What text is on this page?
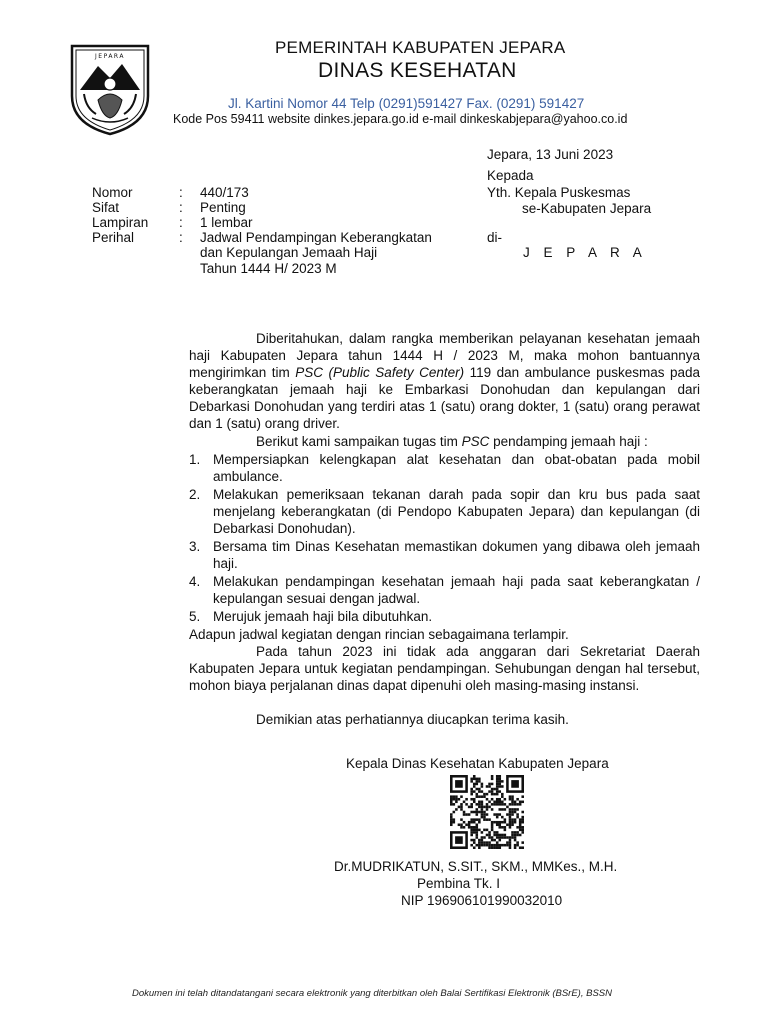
JEPARA	PEMERINTAH KABUPATEN JEPARA
DINAS KESEHATAN
Jl. Kartini Nomor 44 Telp (0291)591427 Fax. (0291) 591427
Kode Pos 59411 website dinkes.jepara.go.id e-mail dinkeskabjepara@yahoo.co.id
Jepara, 13 Juni 2023
Kepada
Yth. Kepala Puskesmas
se-Kabupaten Jepara
di-
J E P A R A
Nomor	: 440/173
Sifat	: Penting
Lampiran : 1 lembar
Perihal	: Jadwal Pendampingan Keberangkatan
dan Kepulangan Jemaah Haji
Tahun 1444 H/ 2023 M
Diberitahukan, dalam rangka memberikan pelayanan kesehatan jemaah haji Kabupaten Jepara tahun 1444 H / 2023 M, maka mohon bantuannya mengirimkan tim PSC (Public Safety Center) 119 dan ambulance puskesmas pada keberangkatan jemaah haji ke Embarkasi Donohudan dan kepulangan dari Debarkasi Donohudan yang terdiri atas 1 (satu) orang dokter, 1 (satu) orang perawat dan 1 (satu) orang driver.
Berikut kami sampaikan tugas tim PSC pendamping jemaah haji :
1. Mempersiapkan kelengkapan alat kesehatan dan obat-obatan pada mobil ambulance.
2. Melakukan pemeriksaan tekanan darah pada sopir dan kru bus pada saat menjelang keberangkatan (di Pendopo Kabupaten Jepara) dan kepulangan (di Debarkasi Donohudan).
3. Bersama tim Dinas Kesehatan memastikan dokumen yang dibawa oleh jemaah haji.
4. Melakukan pendampingan kesehatan jemaah haji pada saat keberangkatan / kepulangan sesuai dengan jadwal.
5. Merujuk jemaah haji bila dibutuhkan.
Adapun jadwal kegiatan dengan rincian sebagaimana terlampir.
Pada tahun 2023 ini tidak ada anggaran dari Sekretariat Daerah Kabupaten Jepara untuk kegiatan pendampingan. Sehubungan dengan hal tersebut, mohon biaya perjalanan dinas dapat dipenuhi oleh masing-masing instansi.
Demikian atas perhatiannya diucapkan terima kasih.
Kepala Dinas Kesehatan Kabupaten Jepara
Dr.MUDRIKATUN, S.SIT., SKM., MMKes., M.H.
Pembina Tk. I
NIP 196906101990032010
Dokumen ini telah ditandatangani secara elektronik yang diterbitkan oleh Balai Sertifikasi Elektronik (BSrE), BSSN
